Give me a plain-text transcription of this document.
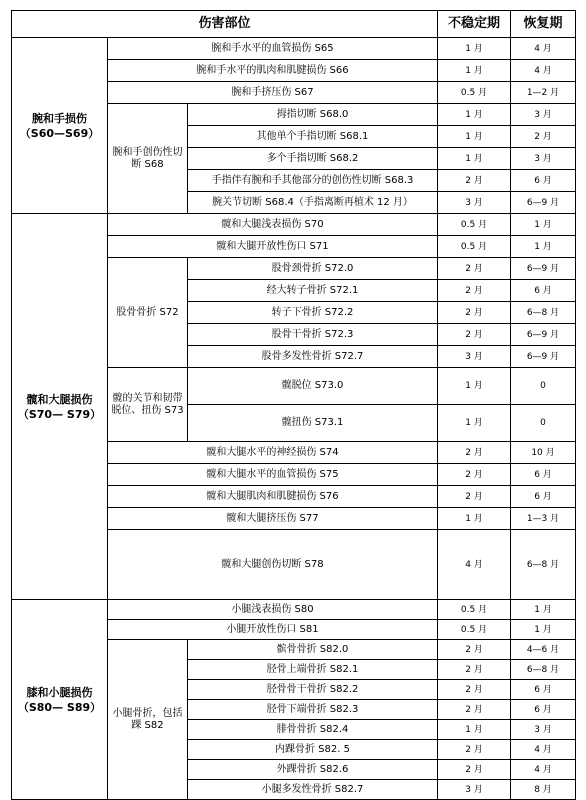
伤害部位			不稳定期	恢复期
腕和手损伤
（S60—S69）	腕和手水平的血管损伤 S65		1 月	4 月
	腕和手水平的肌肉和肌腱损伤 S66		1 月	4 月
	腕和手挤压伤 S67		0.5 月	1—2 月
	腕和手创伤性切断 S68	拇指切断 S68.0	1 月	3 月
		其他单个手指切断 S68.1	1 月	2 月
		多个手指切断 S68.2	1 月	3 月
		手指伴有腕和手其他部分的创伤性切断 S68.3	2 月	6 月
		腕关节切断 S68.4（手指离断再植术 12 月）	3 月	6—9 月
髋和大腿损伤
（S70— S79）	髋和大腿浅表损伤 S70		0.5 月	1 月
	髋和大腿开放性伤口 S71		0.5 月	1 月
	股骨骨折 S72	股骨颈骨折 S72.0	2 月	6—9 月
		经大转子骨折 S72.1	2 月	6 月
		转子下骨折 S72.2	2 月	6—8 月
		股骨干骨折 S72.3	2 月	6—9 月
		股骨多发性骨折 S72.7	3 月	6—9 月
	髋的关节和韧带脱位、扭伤 S73	髋脱位 S73.0	1 月	0
		髋扭伤 S73.1	1 月	0
	髋和大腿水平的神经损伤 S74		2 月	10 月
	髋和大腿水平的血管损伤 S75		2 月	6 月
	髋和大腿肌肉和肌腱损伤 S76		2 月	6 月
	髋和大腿挤压伤 S77		1 月	1—3 月
	髋和大腿创伤切断 S78		4 月	6—8 月
膝和小腿损伤
（S80— S89）	小腿浅表损伤 S80		0.5 月	1 月
	小腿开放性伤口 S81		0.5 月	1 月
	小腿骨折，包括踝 S82	髌骨骨折 S82.0	2 月	4—6 月
		胫骨上端骨折 S82.1	2 月	6—8 月
		胫骨骨干骨折 S82.2	2 月	6 月
		胫骨下端骨折 S82.3	2 月	6 月
		腓骨骨折 S82.4	1 月	3 月
		内踝骨折 S82. 5	2 月	4 月
		外踝骨折 S82.6	2 月	4 月
		小腿多发性骨折 S82.7	3 月	8 月
